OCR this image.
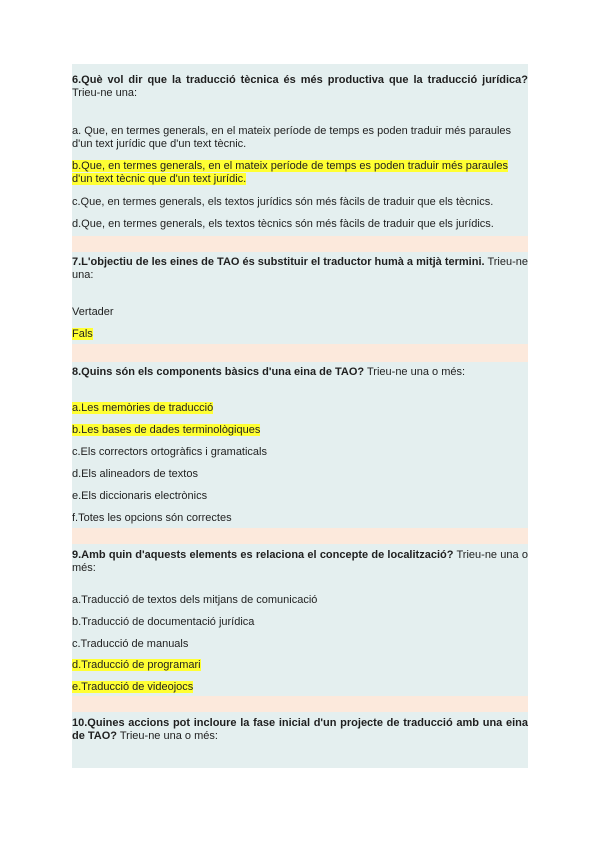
6.Què vol dir que la traducció tècnica és més productiva que la traducció jurídica? Trieu-ne una:
a. Que, en termes generals, en el mateix període de temps es poden traduir més paraules d'un text jurídic que d'un text tècnic.
b.Que, en termes generals, en el mateix període de temps es poden traduir més paraules d'un text tècnic que d'un text jurídic.
c.Que, en termes generals, els textos jurídics són més fàcils de traduir que els tècnics.
d.Que, en termes generals, els textos tècnics són més fàcils de traduir que els jurídics.
7.L'objectiu de les eines de TAO és substituir el traductor humà a mitjà termini. Trieu-ne una:
Vertader
Fals
8.Quins són els components bàsics d'una eina de TAO? Trieu-ne una o més:
a.Les memòries de traducció
b.Les bases de dades terminològiques
c.Els correctors ortogràfics i gramaticals
d.Els alineadors de textos
e.Els diccionaris electrònics
f.Totes les opcions són correctes
9.Amb quin d'aquests elements es relaciona el concepte de localització? Trieu-ne una o més:
a.Traducció de textos dels mitjans de comunicació
b.Traducció de documentació jurídica
c.Traducció de manuals
d.Traducció de programari
e.Traducció de videojocs
10.Quines accions pot incloure la fase inicial d'un projecte de traducció amb una eina de TAO? Trieu-ne una o més:
